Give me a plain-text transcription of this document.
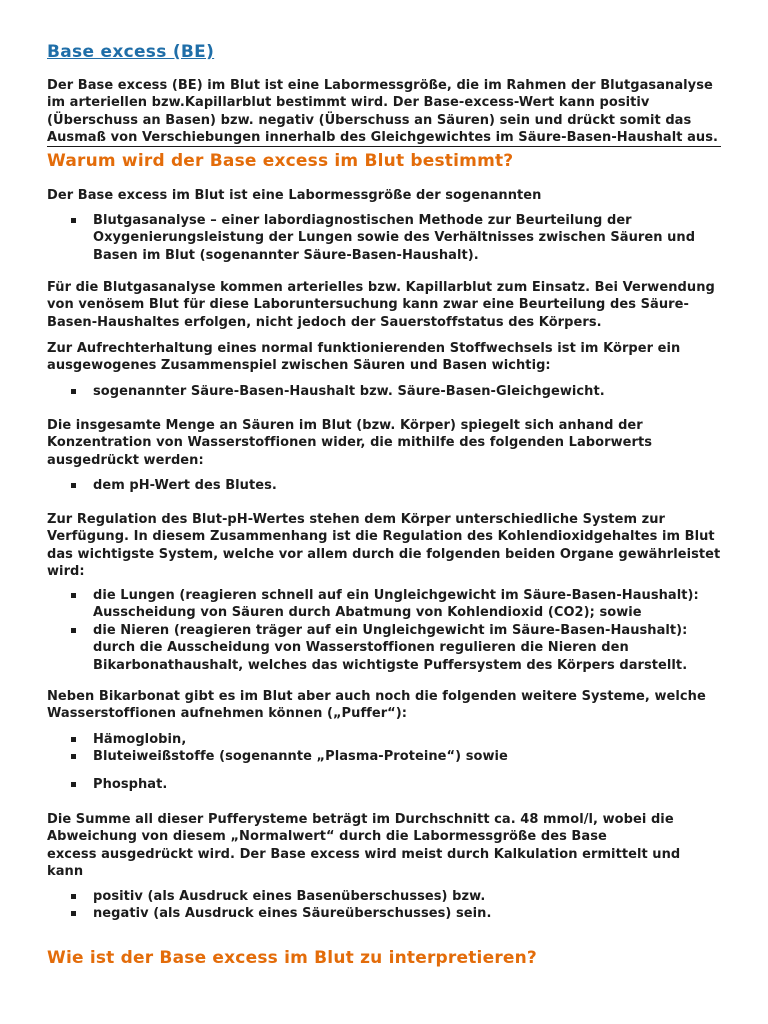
Base excess (BE)
Der Base excess (BE) im Blut ist eine Labormessgröße, die im Rahmen der Blutgasanalyse
im arteriellen bzw.Kapillarblut bestimmt wird. Der Base-excess-Wert kann positiv
(Überschuss an Basen) bzw. negativ (Überschuss an Säuren) sein und drückt somit das
Ausmaß von Verschiebungen innerhalb des Gleichgewichtes im Säure-Basen-Haushalt aus.
Warum wird der Base excess im Blut bestimmt?
Der Base excess im Blut ist eine Labormessgröße der sogenannten
Blutgasanalyse – einer labordiagnostischen Methode zur Beurteilung der
Oxygenierungsleistung der Lungen sowie des Verhältnisses zwischen Säuren und
Basen im Blut (sogenannter Säure-Basen-Haushalt).
Für die Blutgasanalyse kommen arterielles bzw. Kapillarblut zum Einsatz. Bei Verwendung
von venösem Blut für diese Laboruntersuchung kann zwar eine Beurteilung des Säure-
Basen-Haushaltes erfolgen, nicht jedoch der Sauerstoffstatus des Körpers.
Zur Aufrechterhaltung eines normal funktionierenden Stoffwechsels ist im Körper ein
ausgewogenes Zusammenspiel zwischen Säuren und Basen wichtig:
sogenannter Säure-Basen-Haushalt bzw. Säure-Basen-Gleichgewicht.
Die insgesamte Menge an Säuren im Blut (bzw. Körper) spiegelt sich anhand der
Konzentration von Wasserstoffionen wider, die mithilfe des folgenden Laborwerts
ausgedrückt werden:
dem pH-Wert des Blutes.
Zur Regulation des Blut-pH-Wertes stehen dem Körper unterschiedliche System zur
Verfügung. In diesem Zusammenhang ist die Regulation des Kohlendioxidgehaltes im Blut
das wichtigste System, welche vor allem durch die folgenden beiden Organe gewährleistet
wird:
die Lungen (reagieren schnell auf ein Ungleichgewicht im Säure-Basen-Haushalt):
Ausscheidung von Säuren durch Abatmung von Kohlendioxid (CO2); sowie
die Nieren (reagieren träger auf ein Ungleichgewicht im Säure-Basen-Haushalt):
durch die Ausscheidung von Wasserstoffionen regulieren die Nieren den
Bikarbonathaushalt, welches das wichtigste Puffersystem des Körpers darstellt.
Neben Bikarbonat gibt es im Blut aber auch noch die folgenden weitere Systeme, welche
Wasserstoffionen aufnehmen können („Puffer“):
Hämoglobin,
Bluteiweißstoffe (sogenannte „Plasma-Proteine“) sowie
Phosphat.
Die Summe all dieser Pufferysteme beträgt im Durchschnitt ca. 48 mmol/l, wobei die
Abweichung von diesem „Normalwert“ durch die Labormessgröße des Base
excess ausgedrückt wird. Der Base excess wird meist durch Kalkulation ermittelt und
kann
positiv (als Ausdruck eines Basenüberschusses) bzw.
negativ (als Ausdruck eines Säureüberschusses) sein.
Wie ist der Base excess im Blut zu interpretieren?
